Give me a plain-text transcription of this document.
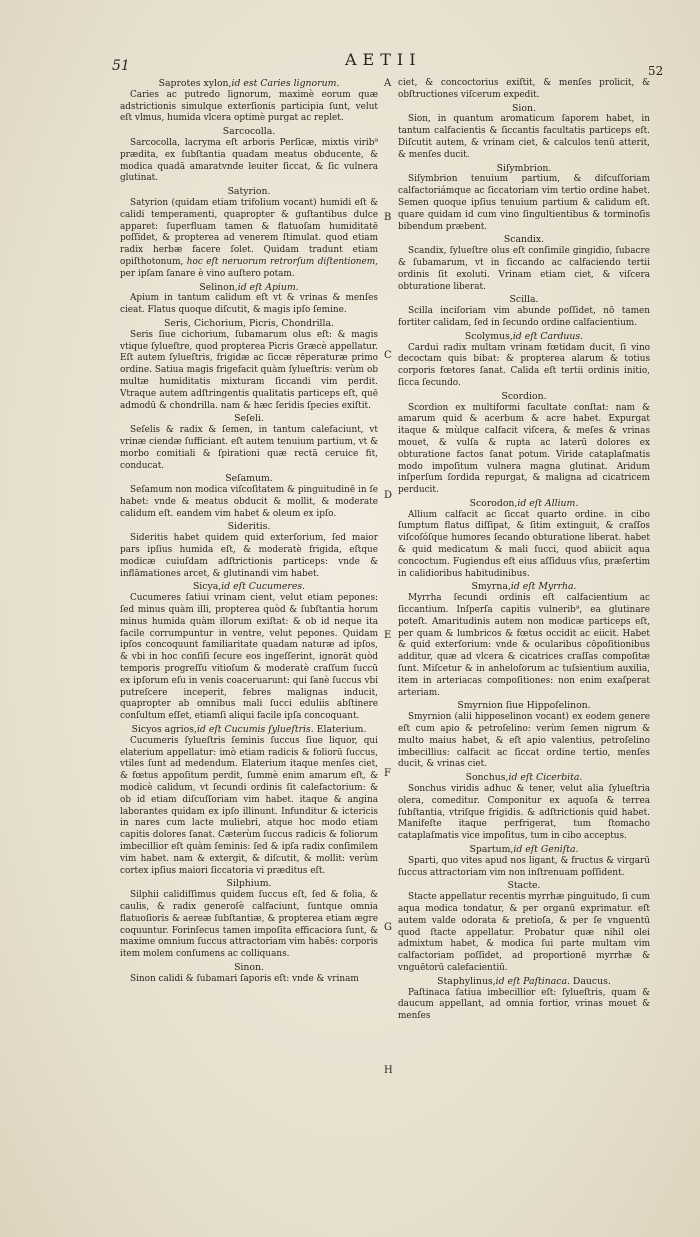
51	AETII
52

Saprotes xylon,id est Caries lignorum.

Caries ac putredo lignorum, maximè eorum quæ adstrictionis simulque exterſionis participia ſunt, velut eſt vlmus, humida vlcera optimè purgat ac replet.

Sarcocolla.

Sarcocolla, lacryma eſt arboris Perſicæ, mixtis virib⁹ prædita, ex ſubſtantia quadam meatus obducente, & modica quadā amaratvnde leuiter ſiccat, & ſic vulnera glutinat.

Satyrion.

Satyrion (quidam etiam trifolium vocant) humidi eſt & calidi temperamenti, quapropter & guſtantibus dulce apparet: ſuperfluam tamen & flatuoſam humiditatē poſſidet, & propterea ad venerem ſtimulat. quod etiam radix herbæ facere ſolet. Quidam tradunt etiam opiſthotonum, hoc eſt neruorum retrorſum diſtentionem, per ipſam ſanare è vino auſtero potam.

Selinon,id eſt Apium.

Apium in tantum calidum eſt vt & vrinas & menſes cieat. Flatus quoque diſcutit, & magis ipſo ſemine.

Seris, Cichorium, Picris, Chondrilla.

Seris ſiue cichorium, ſubamarum olus eſt: & magis vtique ſylueſtre, quod propterea Picris Græcè appellatur. Eſt autem ſylueſtris, frigidæ ac ſiccæ rēperaturæ primo ordine. Satiua magis frigefacit quàm ſylueſtris: verùm ob multæ humiditatis mixturam ſiccandi vim perdit. Vtraque autem adſtringentis qualitatis particeps eſt, quē admodū & chondrilla. nam & hæc ſeridis ſpecies exiſtit.

Seſeli.

Seſelis & radix & ſemen, in tantum calefaciunt, vt vrinæ ciendæ ſufficiant. eſt autem tenuium partium, vt & morbo comitiali & ſpirationi quæ rectā ceruice fit, conducat.

Seſamum.

Seſamum non modica viſcoſitatem & pinguitudinē in ſe habet: vnde & meatus obducit & mollit, & moderate calidum eſt. eandem vim habet & oleum ex ipſo.

Sideritis.

Sideritis habet quidem quid exterſorium, ſed maior pars ipſius humida eſt, & moderatè frigida, eſtque modicæ cuiuſdam adſtrictionis particeps: vnde & inflāmationes arcet, & glutinandi vim habet.

Sicya,id eſt Cucumeres.

Cucumeres ſatiui vrinam cient, velut etiam pepones: ſed minus quàm illi, propterea quòd & ſubſtantia horum minus humida quàm illorum exiſtat: & ob id neque ita facile corrumpuntur in ventre, velut pepones. Quidam ipſos concoquunt familiaritate quadam naturæ ad ipſos, & vbi in hoc conſiſi ſecure eos ingeſſerint, ignorāt quòd temporis progreſſu vitioſum & moderatè craſſum ſuccū ex ipſorum eſu in venis coaceruarunt: qui ſanè ſuccus vbi putreſcere inceperit, febres malignas inducit, quapropter ab omnibus mali ſucci eduliis abſtinere conſultum eſſet, etiamſi aliqui facile ipſa concoquant.

Sicyos agrios,id eſt Cucumis ſylueſtris. Elaterium.

Cucumeris ſylueſtris ſeminis ſuccus ſiue liquor, qui elaterium appellatur: imò etiam radicis & foliorū ſuccus, vtiles ſunt ad medendum. Elaterium itaque menſes ciet, & fœtus appoſitum perdit, ſummè enim amarum eſt, & modicè calidum, vt ſecundi ordinis ſit calefactorium: & ob id etiam diſcuſſoriam vim habet. itaque & angina laborantes quidam ex ipſo illinunt. Infunditur & ictericis in nares cum lacte muliebri, atque hoc modo etiam capitis dolores ſanat. Cæterùm ſuccus radicis & foliorum imbecillior eſt quàm ſeminis: ſed & ipſa radix conſimilem vim habet. nam & extergit, & diſcutit, & mollit: verùm cortex ipſius maiori ſiccatoria vi præditus eſt.

Silphium.

Silphii calidiſſimus quidem ſuccus eſt, ſed & folia, & caulis, & radix generoſè calfaciunt, ſuntque omnia flatuoſioris & aereæ ſubſtantiæ, & propterea etiam ægre coquuntur. Forinſecus tamen impoſita efficaciora ſunt, & maxime omnium ſuccus attractoriam vim habēs: corporis item molem conſumens ac colliquans.

Sinon.

Sinon calidi & ſubamari ſaporis eſt: vnde & vrinam

ciet, & concoctorius exiſtit, & menſes prolicit, & obſtructiones viſcerum expedit.

Sion.

Sion, in quantum aromaticum ſaporem habet, in tantum calfacientis & ſiccantis facultatis particeps eſt. Diſcutit autem, & vrinam ciet, & calculos tenū atterit, & menſes ducit.

Siſymbrion.

Siſymbrion tenuium partium, & diſcuſſoriam calfactoriámque ac ſiccatoriam vim tertio ordine habet. Semen quoque ipſius tenuium partium & calidum eſt. quare quidam id cum vino ſingultientibus & torminoſis bibendum præbent.

Scandix.

Scandix, ſylueſtre olus eſt conſimile gingidio, ſubacre & ſubamarum, vt in ſiccando ac calfaciendo tertii ordinis ſit exoluti. Vrinam etiam ciet, & viſcera obturatione liberat.

Scilla.

Scilla inciſoriam vim abunde poſſidet, nō tamen fortiter calidam, ſed in ſecundo ordine calfacientium.

Scolymus,id eſt Carduus.

Cardui radix multam vrinam fœtidam ducit, ſi vino decoctam quis bibat: & propterea alarum & totius corporis fœtores ſanat. Calida eſt tertii ordinis initio, ſicca ſecundo.

Scordion.

Scordion ex multiformi facultate conſtat: nam & amarum quid & acerbum & acre habet. Expurgat itaque & mùlque calfacit viſcera, & meſes & vrinas mouet, & vulſa & rupta ac laterū dolores ex obturatione factos ſanat potum. Viride cataplaſmatis modo impoſitum vulnera magna glutinat. Aridum inſperſum ſordida repurgat, & maligna ad cicatricem perducit.

Scorodon,id eſt Allium.

Allium calfacit ac ſiccat quarto ordine. in cibo ſumptum flatus diſſipat, & ſitim extinguit, & craſſos viſcoſóſque humores ſecando obturatione liberat. habet & quid medicatum & mali ſucci, quod abiicit aqua concoctum. Fugiendus eſt eius aſſiduus vſus, præſertim in calidioribus habitudinibus.

Smyrna,id eſt Myrrha.

Myrrha ſecundi ordinis eſt calfacientium ac ſiccantium. Inſperſa capitis vulnerib⁹, ea glutinare poteſt. Amaritudinis autem non modicæ particeps eſt, per quam & lumbricos & fœtus occidit ac eiicit. Habet & quid exterſorium: vnde & ocularibus cōpoſitionibus additur, quæ ad vlcera & cicatrices craſſas compoſitæ ſunt. Miſcetur & in anheloſorum ac tuſsientium auxilia, item in arteriacas compoſitiones: non enim exaſperat arteriam.

Smyrnion ſiue Hippoſelinon.

Smyrnion (alii hipposelinon vocant) ex eodem genere eſt cum apio & petroſelino: verùm ſemen nigrum & multo maius habet, & eſt apio valentius, petroſelino imbecillius: calfacit ac ſiccat ordine tertio, menſes ducit, & vrinas ciet.

Sonchus,id eſt Cicerbita.

Sonchus viridis adhuc & tener, velut alia ſylueſtria olera, comeditur. Componitur ex aquoſa & terrea ſubſtantia, vtriſque frigidis. & adſtrictionis quid habet. Manifeſte itaque perfrigerat, tum ſtomacho cataplaſmatis vice impoſitus, tum in cibo acceptus.

Spartum,id eſt Geniſta.

Sparti, quo vites apud nos ligant, & fructus & virgarū ſuccus attractoriam vim non inſtrenuam poſſident.

Stacte.

Stacte appellatur recentis myrrhæ pinguitudo, ſi cum aqua modica tondatur, & per organū exprimatur. eſt autem valde odorata & pretioſa, & per ſe vnguentū quod ſtacte appellatur. Probatur quæ nihil olei admixtum habet, & modica ſui parte multam vim calfactoriam poſſidet, ad proportionē myrrhæ & vnguētorū calefacientiū.

Staphylinus,id eſt Paſtinaca. Daucus.

Paſtinaca ſatiua imbecillior eſt: ſylueſtris, quam & daucum appellant, ad omnia fortior, vrinas mouet & menſes

A
B
C
D
E
F
G
H
